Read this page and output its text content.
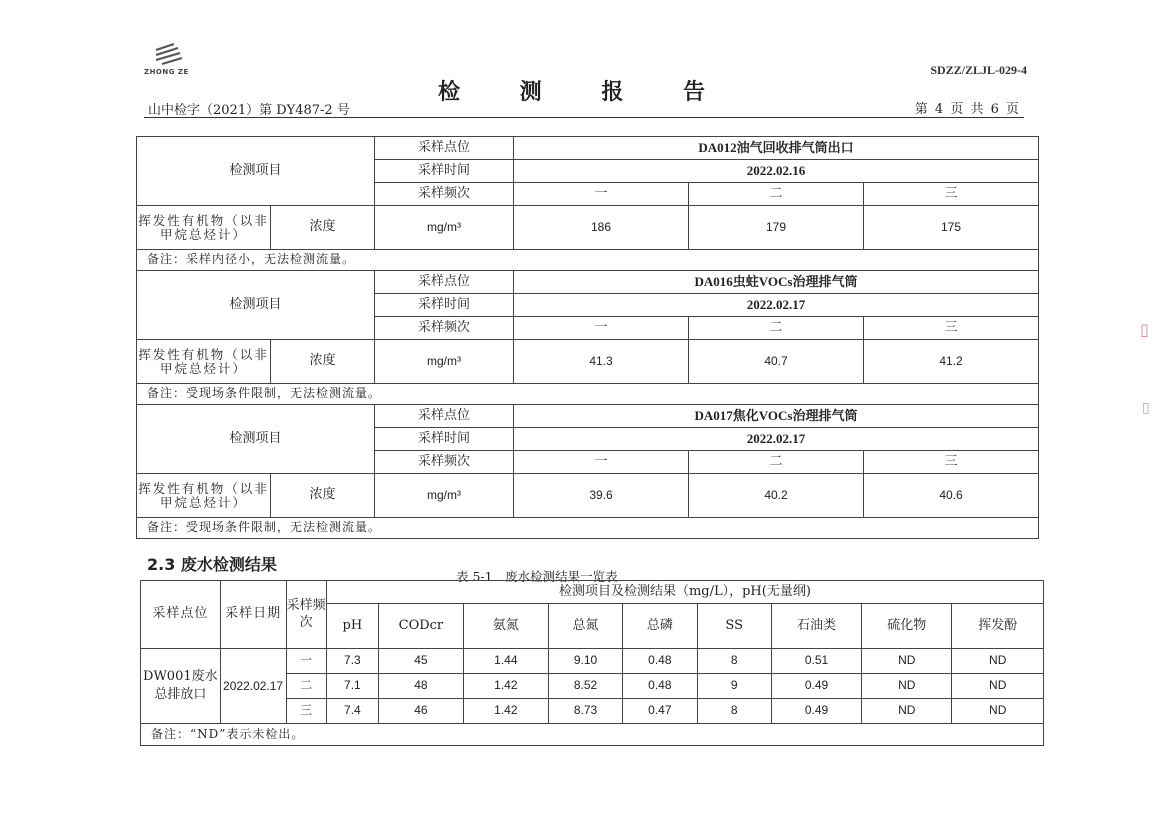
ZHONG ZE	SDZZ/ZLJL-029-4
检 测 报 告
山中检字（2021）第 DY487-2 号	第 4 页 共 6 页
检测项目		采样点位	DA012油气回收排气筒出口		
		采样时间	2022.02.16		
		采样频次	一	二	三
挥发性有机物（以非甲烷总烃计）	浓度	mg/m³	186	179	175
备注：采样内径小，无法检测流量。					
检测项目		采样点位	DA016虫蛀VOCs治理排气筒		
		采样时间	2022.02.17		
		采样频次	一	二	三
挥发性有机物（以非甲烷总烃计）	浓度	mg/m³	41.3	40.7	41.2
备注：受现场条件限制，无法检测流量。					
检测项目		采样点位	DA017焦化VOCs治理排气筒		
		采样时间	2022.02.17		
		采样频次	一	二	三
挥发性有机物（以非甲烷总烃计）	浓度	mg/m³	39.6	40.2	40.6
备注：受现场条件限制，无法检测流量。					
2.3 废水检测结果
表 5-1　废水检测结果一览表
采样点位	采样日期	采样频次	检测项目及检测结果（mg/L），pH(无量纲)								
			pH	CODcr	氨氮	总氮	总磷	SS	石油类	硫化物	挥发酚
DW001废水总排放口	2022.02.17	一	7.3	45	1.44	9.10	0.48	8	0.51	ND	ND
		二	7.1	48	1.42	8.52	0.48	9	0.49	ND	ND
		三	7.4	46	1.42	8.73	0.47	8	0.49	ND	ND
备注：“ND”表示未检出。											
▯
▯
